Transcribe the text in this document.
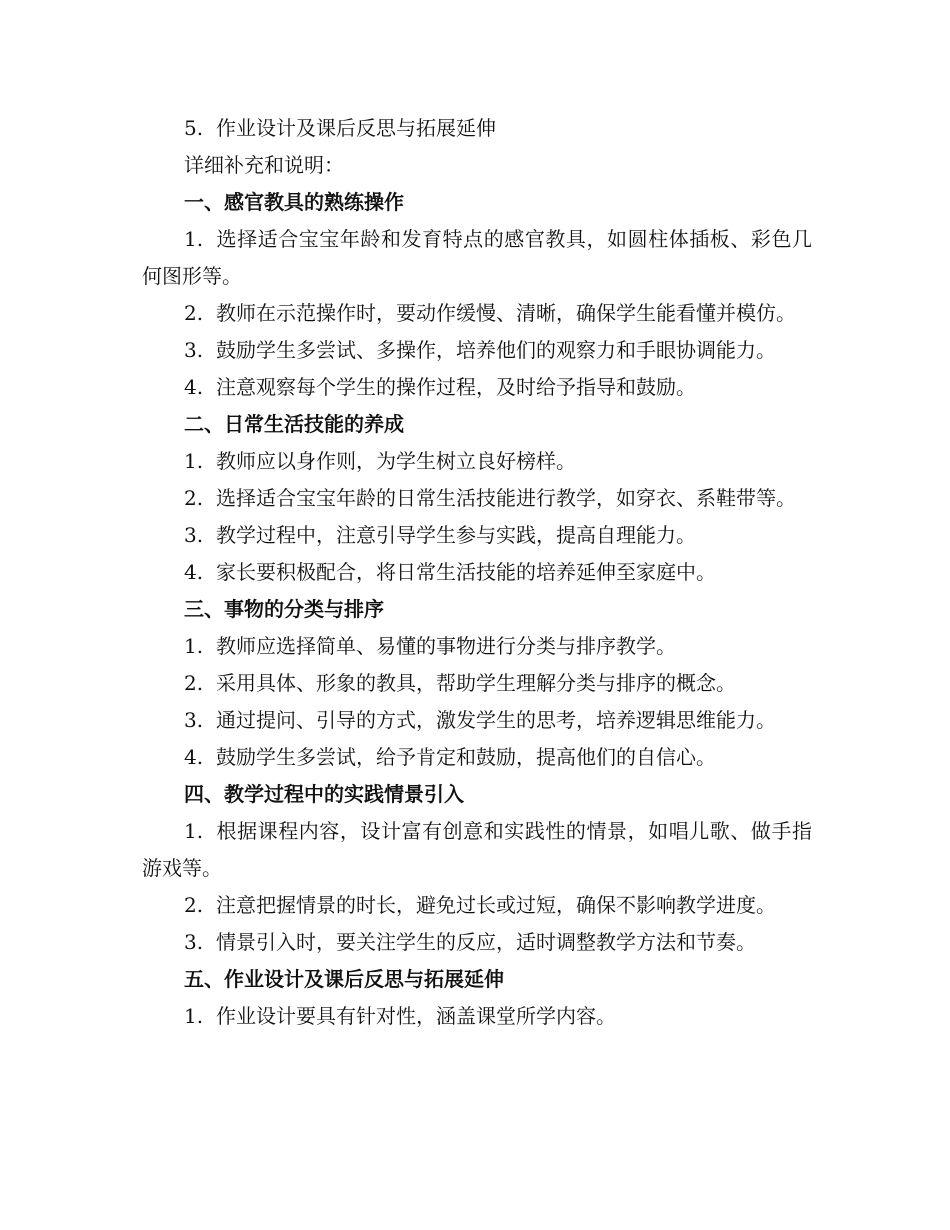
5. 作业设计及课后反思与拓展延伸

详细补充和说明：

一、感官教具的熟练操作

1. 选择适合宝宝年龄和发育特点的感官教具，如圆柱体插板、彩色几何图形等。

2. 教师在示范操作时，要动作缓慢、清晰，确保学生能看懂并模仿。

3. 鼓励学生多尝试、多操作，培养他们的观察力和手眼协调能力。

4. 注意观察每个学生的操作过程，及时给予指导和鼓励。

二、日常生活技能的养成

1. 教师应以身作则，为学生树立良好榜样。

2. 选择适合宝宝年龄的日常生活技能进行教学，如穿衣、系鞋带等。

3. 教学过程中，注意引导学生参与实践，提高自理能力。

4. 家长要积极配合，将日常生活技能的培养延伸至家庭中。

三、事物的分类与排序

1. 教师应选择简单、易懂的事物进行分类与排序教学。

2. 采用具体、形象的教具，帮助学生理解分类与排序的概念。

3. 通过提问、引导的方式，激发学生的思考，培养逻辑思维能力。

4. 鼓励学生多尝试，给予肯定和鼓励，提高他们的自信心。

四、教学过程中的实践情景引入

1. 根据课程内容，设计富有创意和实践性的情景，如唱儿歌、做手指游戏等。

2. 注意把握情景的时长，避免过长或过短，确保不影响教学进度。

3. 情景引入时，要关注学生的反应，适时调整教学方法和节奏。

五、作业设计及课后反思与拓展延伸

1. 作业设计要具有针对性，涵盖课堂所学内容。
